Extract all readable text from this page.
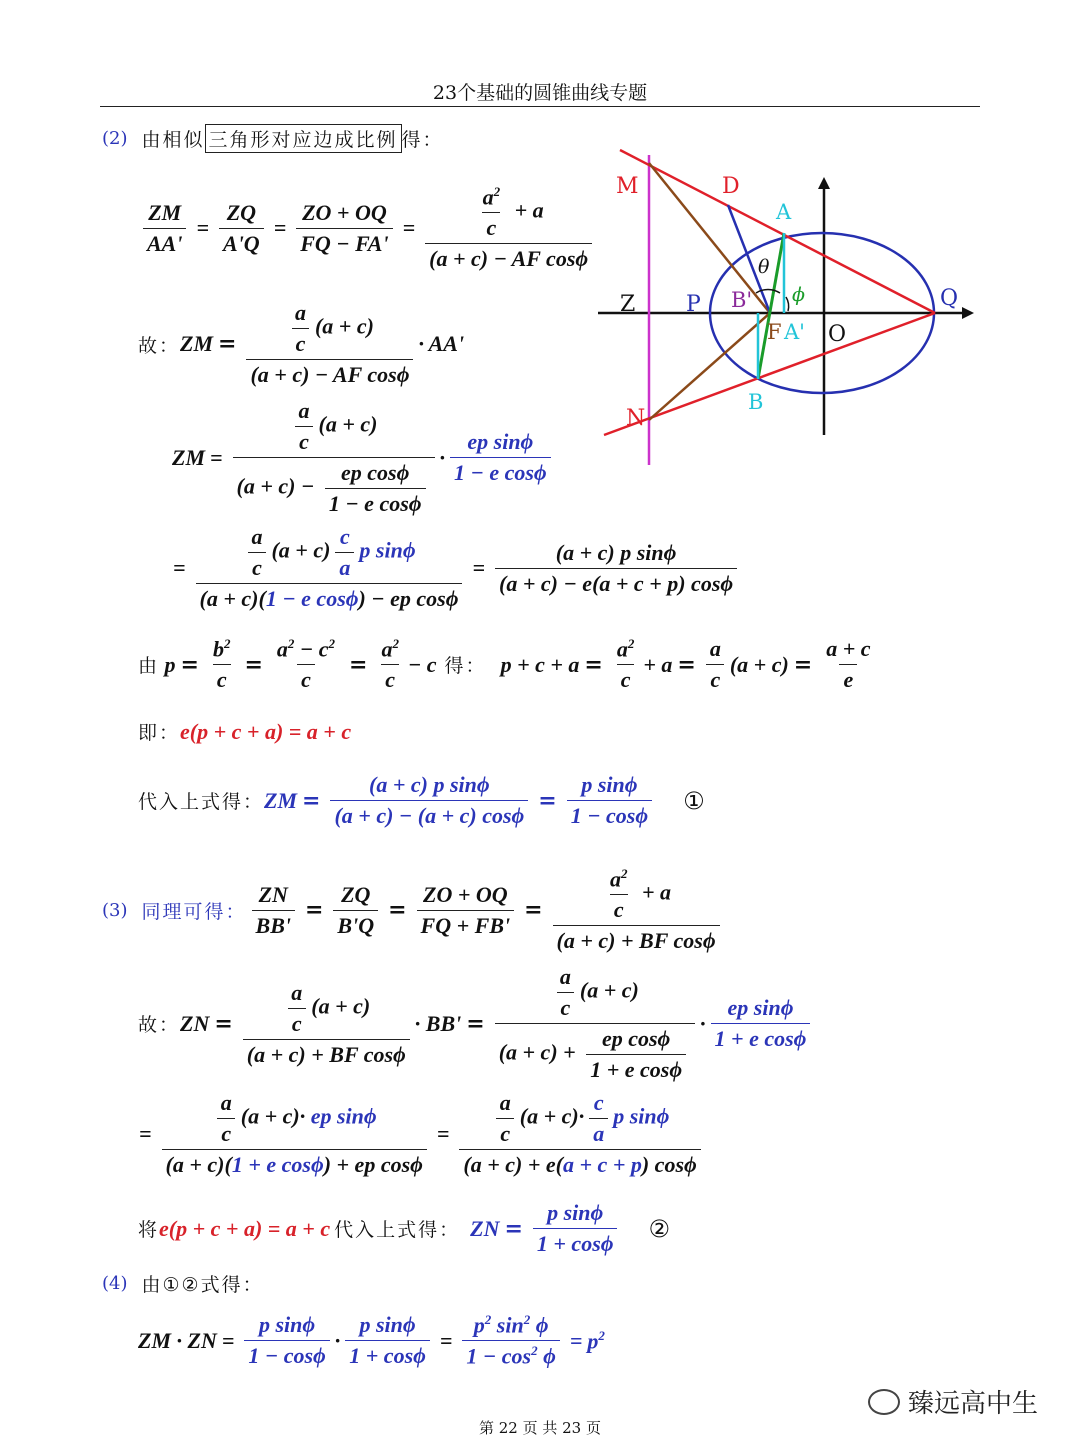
23个基础的圆锥曲线专题
(2) 由相似 三角形对应边成比例 得：
$\frac{ZM}{AA'} = \frac{ZQ}{A'Q} = \frac{ZO + OQ}{FQ - FA'} = \frac{\frac{a^2}{c} + a}{\text{(a + c) − AF cosϕ}}$
故： ZM = $\frac{\frac{a}{c} (a + c)}{\text{(a + c) − AF cosϕ}} \cdot AA'$
ZM = $\frac{\frac{a}{c} (a + c)}{(a + c) - \frac{\text{ep cosϕ}}{\text{1 − e cosϕ}}} \cdot \frac{\text{ep sinϕ}}{\text{1 − e cosϕ}}$
= $\frac{\frac{a}{c} (a + c) \frac{c}{a} p \sin\phi}{\text{(a + c)(1 − e cosϕ) − ep cosϕ}} = \frac{\text{(a + c) p sinϕ}}{(a + c) - e(a + c + p) \cos\phi}$
由 $p = \frac{b^2}{c} = \frac{a^2 - c^2}{c} = \frac{a^2}{c} - c$ 得： $p + c + a = \frac{a^2}{c} + a = \frac{a}{c} (a + c) = \frac{a + c}{e}$
即： e(p + c + a) = a + c
代入上式得： ZM = $\frac{\text{(a + c) p sinϕ}}{(a + c) - (a + c) \cos\phi} = \frac{\text{p sinϕ}}{1 - \cos\phi}$ ①
(3) 同理可得： $\frac{ZN}{BB'} = \frac{ZQ}{B'Q} = \frac{ZO + OQ}{FQ + FB'} = \frac{\frac{a^2}{c} + a}{\text{(a + c) + BF cosϕ}}$
故： ZN = $\frac{\frac{a}{c} (a + c)}{\text{(a + c) + BF cosϕ}} \cdot BB' = \frac{\frac{a}{c} (a + c)}{(a + c) + \frac{\text{ep cosϕ}}{\text{1 + e cosϕ}}} \cdot \frac{\text{ep sinϕ}}{\text{1 + e cosϕ}}$
= $\frac{\frac{a}{c} (a + c)\cdot ep \sin\phi}{\text{(a + c)(1 + e cosϕ) + ep cosϕ}} = \frac{\frac{a}{c} (a + c)\cdot \frac{c}{a} p \sin\phi}{(a + c) + e(a + c + p) \cos\phi}$
将 e(p + c + a) = a + c 代入上式得： ZN = $\frac{\text{p sinϕ}}{1 + \cos\phi}$ ②
(4) 由①②式得：
ZM · ZN = $\frac{\text{p sinϕ}}{1 - \cos\phi} \cdot \frac{\text{p sinϕ}}{1 + \cos\phi} = \frac{p^2 \sin^2 \phi}{1 - \cos^2 \phi} = p^2$
M	D
A
Z P B'	Q
F A' O
B
N
θ
ϕ
臻远高中生
第 22 页 共 23 页
